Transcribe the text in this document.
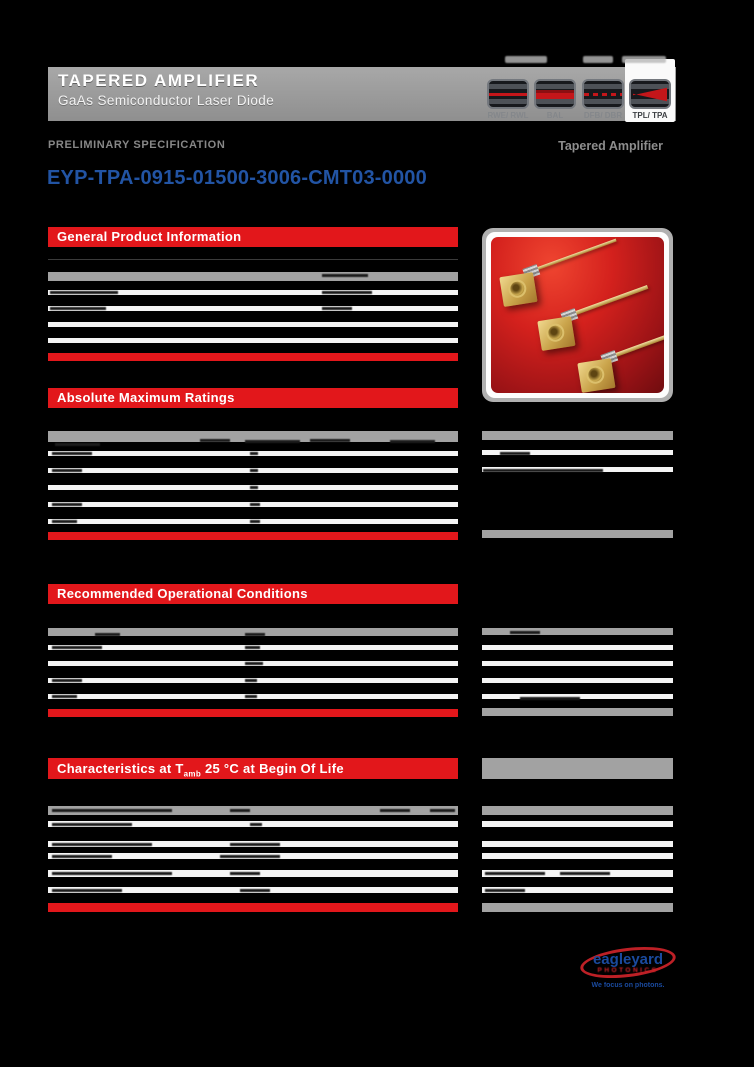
TAPERED AMPLIFIER
GaAs Semiconductor Laser Diode
RWE/ RWL	BAL	DFB/ DBR	TPL/ TPA
PRELIMINARY SPECIFICATION	Tapered Amplifier
EYP-TPA-0915-01500-3006-CMT03-0000
General Product Information
Absolute Maximum Ratings
Recommended Operational Conditions
Characteristics at $T_{amb}$ 25 °C at Begin Of Life
eagleyard
PHOTONICS
We focus on photons.
